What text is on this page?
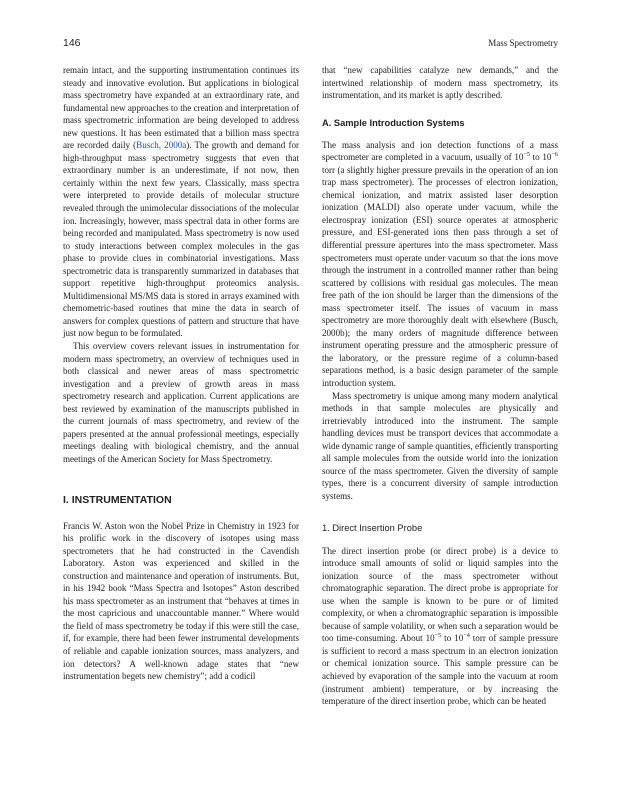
146	Mass Spectrometry

remain intact, and the supporting instrumentation continues its steady and innovative evolution. But applications in biological mass spectrometry have expanded at an extraordinary rate, and fundamental new approaches to the creation and interpretation of mass spectrometric information are being developed to address new questions. It has been estimated that a billion mass spectra are recorded daily (Busch, 2000a). The growth and demand for high-throughput mass spectrometry suggests that even that extraordinary number is an underestimate, if not now, then certainly within the next few years. Classically, mass spectra were interpreted to provide details of molecular structure revealed through the unimolecular dissociations of the molecular ion. Increasingly, however, mass spectral data in other forms are being recorded and manipulated. Mass spectrometry is now used to study interactions between complex molecules in the gas phase to provide clues in combinatorial investigations. Mass spectrometric data is transparently summarized in databases that support repetitive high-throughput proteomics analysis. Multidimensional MS/MS data is stored in arrays examined with chemometric-based routines that mine the data in search of answers for complex questions of pattern and structure that have just now begun to be formulated.

This overview covers relevant issues in instrumentation for modern mass spectrometry, an overview of techniques used in both classical and newer areas of mass spectrometric investigation and a preview of growth areas in mass spectrometry research and application. Current applications are best reviewed by examination of the manuscripts published in the current journals of mass spectrometry, and review of the papers presented at the annual professional meetings, especially meetings dealing with biological chemistry, and the annual meetings of the American Society for Mass Spectrometry.

I. INSTRUMENTATION

Francis W. Aston won the Nobel Prize in Chemistry in 1923 for his prolific work in the discovery of isotopes using mass spectrometers that he had constructed in the Cavendish Laboratory. Aston was experienced and skilled in the construction and maintenance and operation of instruments. But, in his 1942 book “Mass Spectra and Isotopes” Aston described his mass spectrometer as an instrument that “behaves at times in the most capricious and unaccountable manner.” Where would the field of mass spectrometry be today if this were still the case, if, for example, there had been fewer instrumental developments of reliable and capable ionization sources, mass analyzers, and ion detectors? A well-known adage states that “new instrumentation begets new chemistry”; add a codicil

that “new capabilities catalyze new demands,” and the intertwined relationship of modern mass spectrometry, its instrumentation, and its market is aptly described.

A. Sample Introduction Systems

The mass analysis and ion detection functions of a mass spectrometer are completed in a vacuum, usually of $10^{-5}$ to $10^{-6}$ torr (a slightly higher pressure prevails in the operation of an ion trap mass spectrometer). The processes of electron ionization, chemical ionization, and matrix assisted laser desorption ionization (MALDI) also operate under vacuum, while the electrospray ionization (ESI) source operates at atmospheric pressure, and ESI-generated ions then pass through a set of differential pressure apertures into the mass spectrometer. Mass spectrometers must operate under vacuum so that the ions move through the instrument in a controlled manner rather than being scattered by collisions with residual gas molecules. The mean free path of the ion should be larger than the dimensions of the mass spectrometer itself. The issues of vacuum in mass spectrometry are more thoroughly dealt with elsewhere (Busch, 2000b); the many orders of magnitude difference between instrument operating pressure and the atmospheric pressure of the laboratory, or the pressure regime of a column-based separations method, is a basic design parameter of the sample introduction system.

Mass spectrometry is unique among many modern analytical methods in that sample molecules are physically and irretrievably introduced into the instrument. The sample handling devices must be transport devices that accommodate a wide dynamic range of sample quantities, efficiently transporting all sample molecules from the outside world into the ionization source of the mass spectrometer. Given the diversity of sample types, there is a concurrent diversity of sample introduction systems.

1. Direct Insertion Probe

The direct insertion probe (or direct probe) is a device to introduce small amounts of solid or liquid samples into the ionization source of the mass spectrometer without chromatographic separation. The direct probe is appropriate for use when the sample is known to be pure or of limited complexity, or when a chromatographic separation is impossible because of sample volatility, or when such a separation would be too time-consuming. About $10^{-5}$ to $10^{-4}$ torr of sample pressure is sufficient to record a mass spectrum in an electron ionization or chemical ionization source. This sample pressure can be achieved by evaporation of the sample into the vacuum at room (instrument ambient) temperature, or by increasing the temperature of the direct insertion probe, which can be heated
